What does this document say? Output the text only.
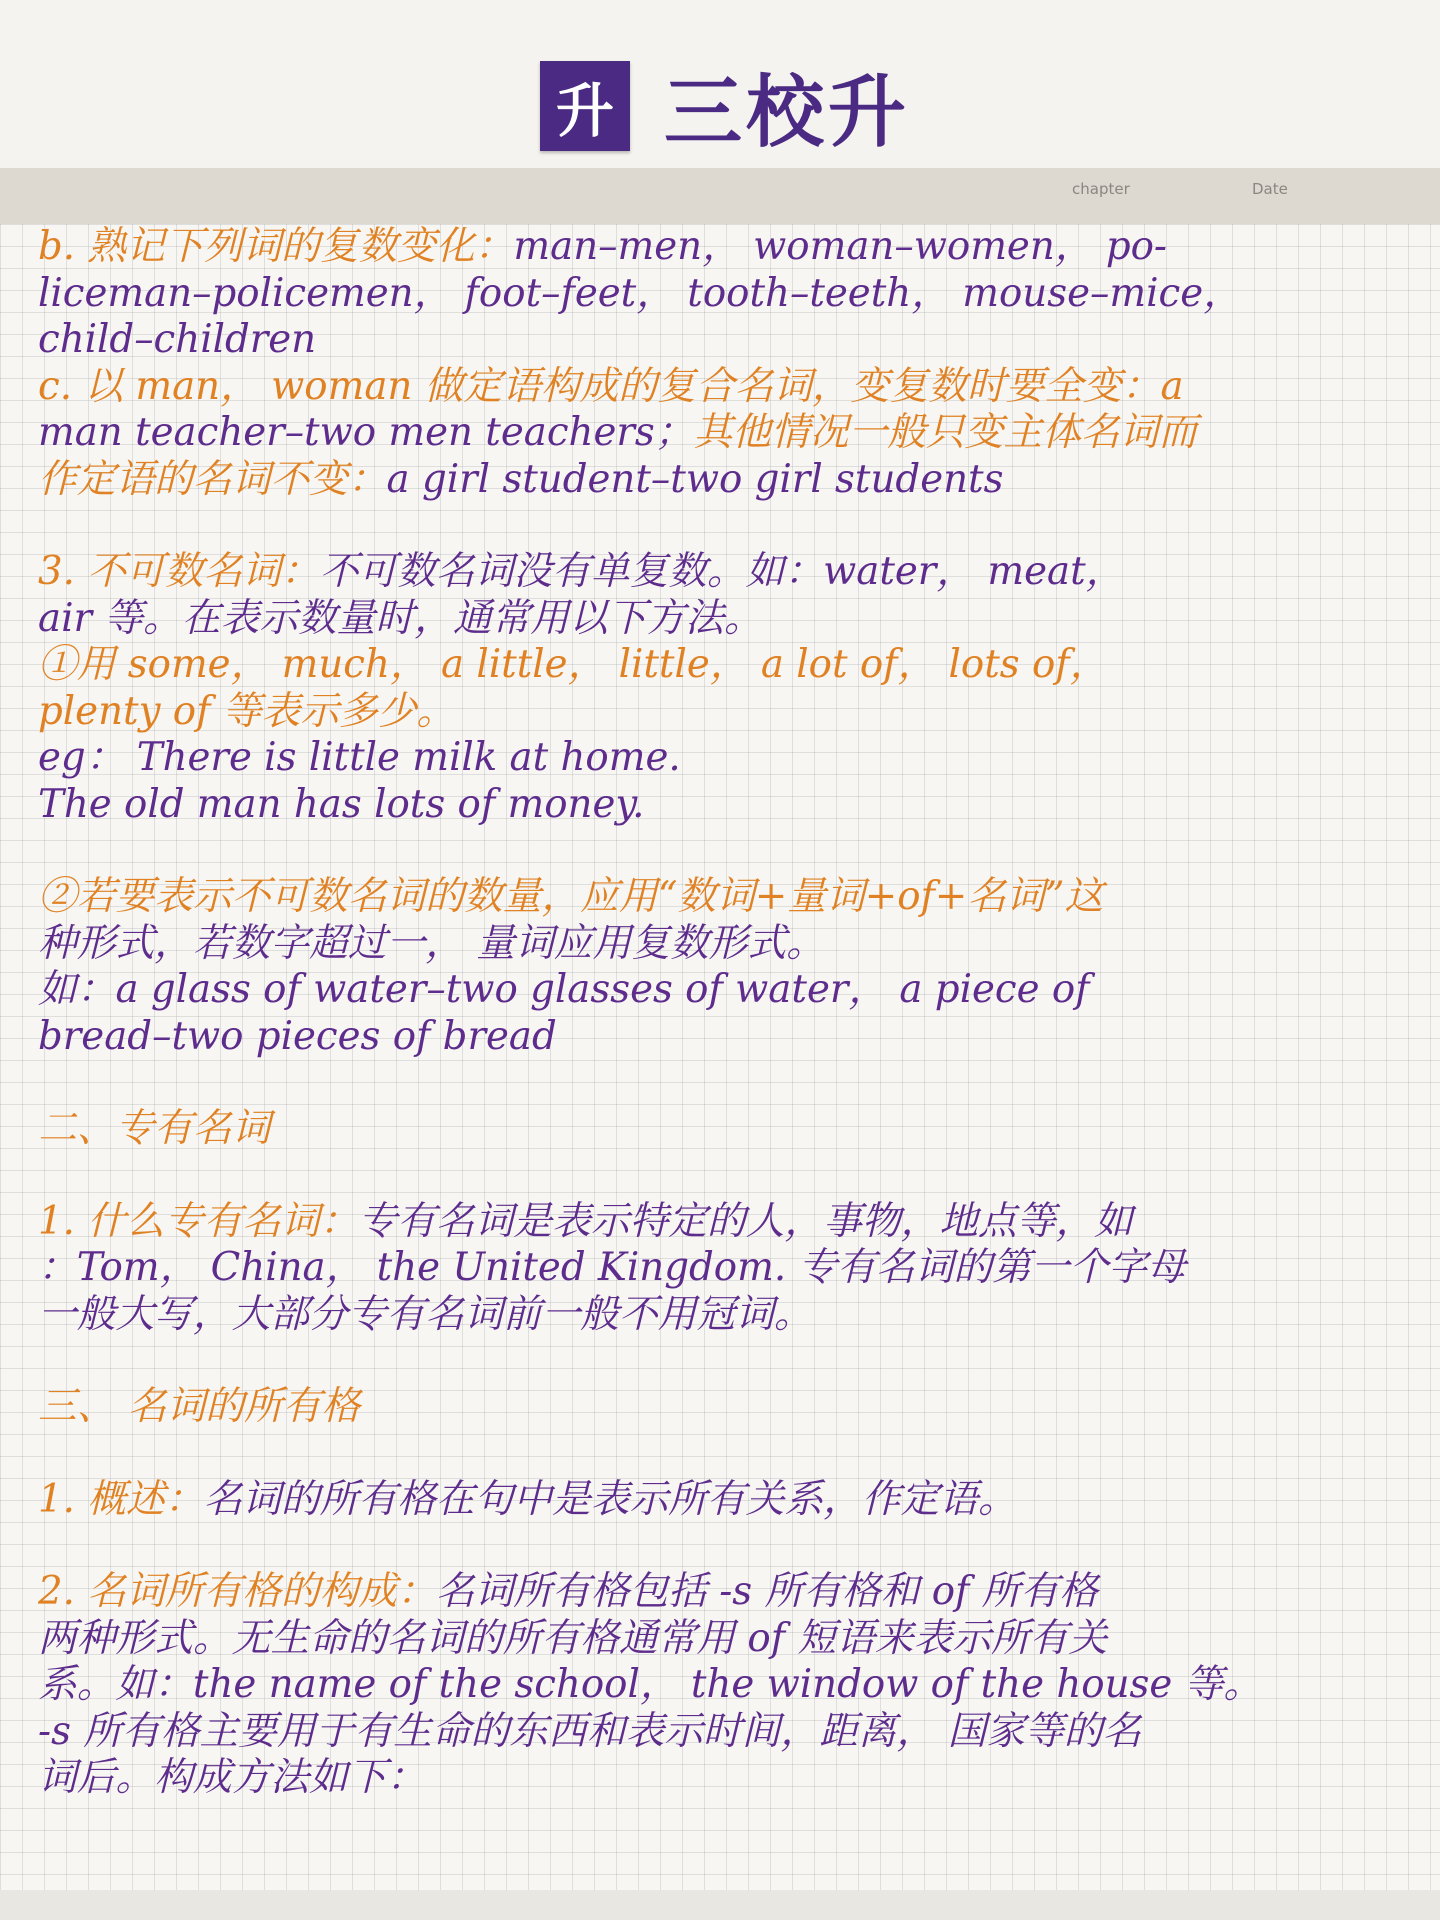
升 三校升
chapter	Date
b. 熟记下列词的复数变化：man–men， woman–women， po-
liceman–policemen， foot–feet， tooth–teeth， mouse–mice，
child–children
c. 以 man， woman 做定语构成的复合名词，变复数时要全变：a
man teacher–two men teachers；其他情况一般只变主体名词而
作定语的名词不变：a girl student–two girl students
3. 不可数名词：不可数名词没有单复数。如：water， meat，
air 等。在表示数量时，通常用以下方法。
①用 some， much， a little， little， a lot of， lots of，
plenty of 等表示多少。
eg： There is little milk at home.
The old man has lots of money.
②若要表示不可数名词的数量，应用“数词+量词+of+名词”这
种形式，若数字超过一， 量词应用复数形式。
如：a glass of water–two glasses of water， a piece of
bread–two pieces of bread
二、专有名词
1. 什么专有名词：专有名词是表示特定的人，事物，地点等，如
：Tom， China， the United Kingdom. 专有名词的第一个字母
一般大写，大部分专有名词前一般不用冠词。
三、 名词的所有格
1. 概述：名词的所有格在句中是表示所有关系，作定语。
2. 名词所有格的构成：名词所有格包括 -s 所有格和 of 所有格
两种形式。无生命的名词的所有格通常用 of 短语来表示所有关
系。如：the name of the school， the window of the house 等。
-s 所有格主要用于有生命的东西和表示时间，距离， 国家等的名
词后。构成方法如下：
